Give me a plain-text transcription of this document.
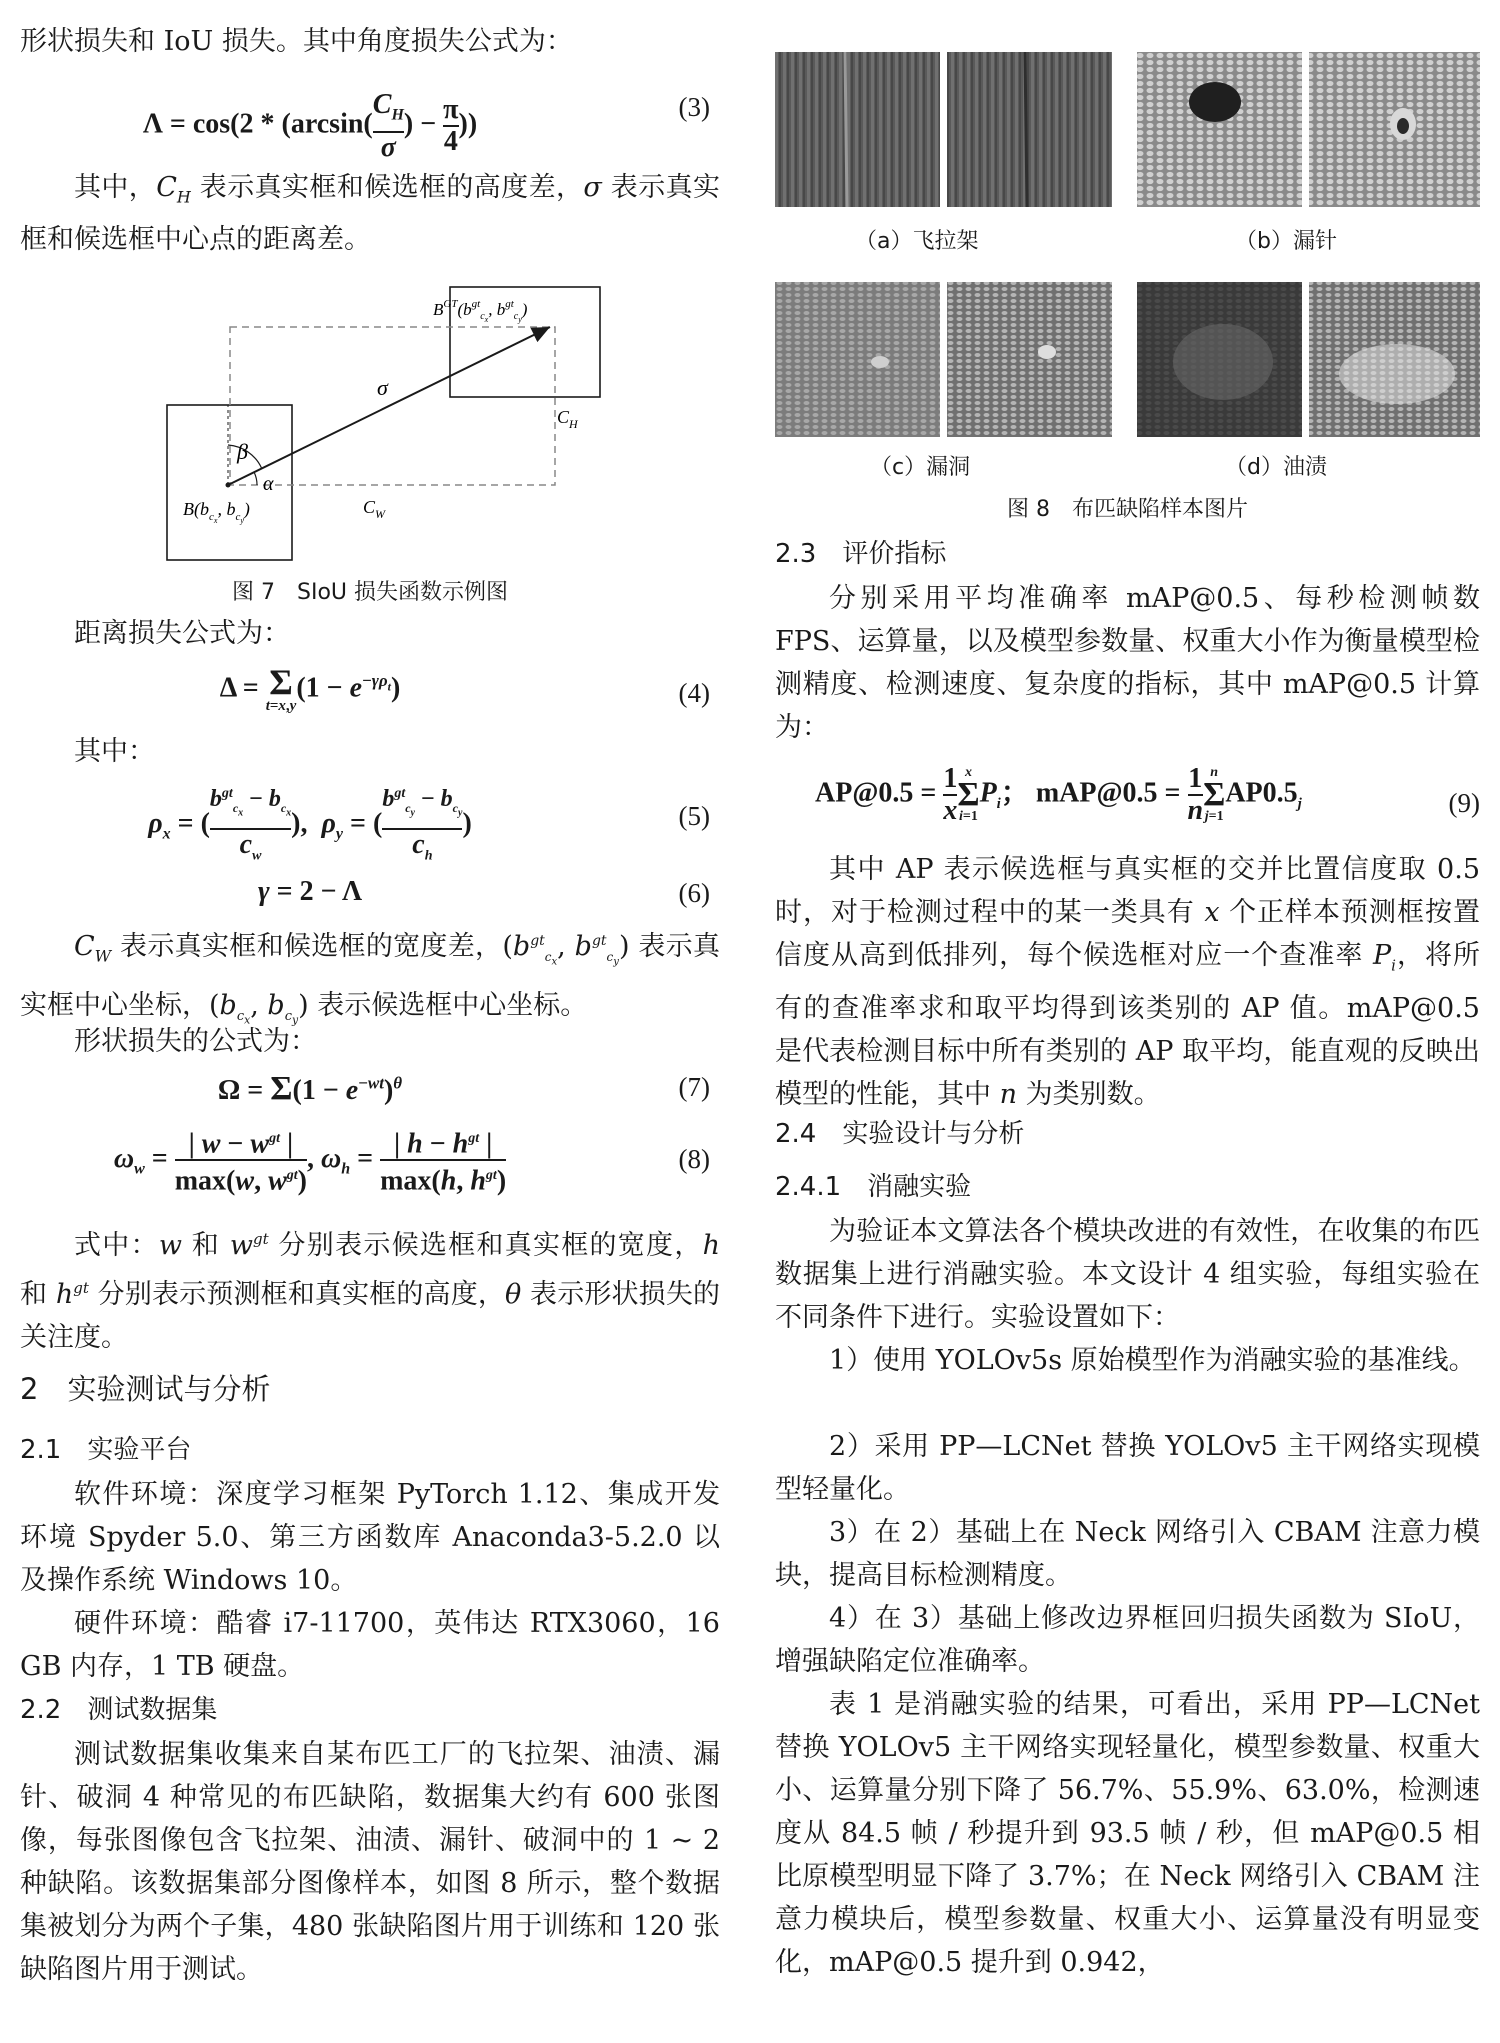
形状损失和 IoU 损失。其中角度损失公式为：

$\Lambda = \cos(2 * (\arcsin( \frac{C_H}{\sigma}$ ) − $\frac{\pi}{4}$ ))
(3)

其中，$C_H$ 表示真实框和候选框的高度差，σ 表示真实框和候选框中心点的距离差。

σ
β
α
$B^{GT}(b^{gt}_cx$, $b^{gt}_cy$)
$C_H$
$C_W$
$B(b_cx$, $b_cy$)
图 7　SIoU 损失函数示例图

距离损失公式为：

Δ = Σ
t=x,y
$(1 - e^{-\gamma\rho_t})$	(4)

其中：

$\rho_x$ = ( $\frac{b^{gt}_{c_x} - b_{c_x}}{c_w}$ ),  $\rho_y$ = ( $\frac{b^{gt}_{c_y} - b_{c_y}}{c_h}$ )	(5)
γ = 2 − Λ	(6)

$C_W$ 表示真实框和候选框的宽度差，($b^{gt}_{c_x}$, $b^{gt}_{c_y}$) 表示真实框中心坐标，($b_{c_x}$, $b_{c_y}$) 表示候选框中心坐标。

形状损失的公式为：

$\Omega = \Sigma(1 - e^{-wt})^\theta$	(7)
$\omega_w = \frac{| w - w^{gt} |}{\max(w, w^{gt})}$ , $\omega_h = \frac{| h - h^{gt} |}{\max(h, h^{gt})}$	(8)

式中：w 和 $w^{gt}$ 分别表示候选框和真实框的宽度，h 和 $h^{gt}$ 分别表示预测框和真实框的高度，θ 表示形状损失的关注度。

2　实验测试与分析
2.1　实验平台

软件环境：深度学习框架 PyTorch 1.12、集成开发环境 Spyder 5.0、第三方函数库 Anaconda3-5.2.0 以及操作系统 Windows 10。

硬件环境：酷睿 i7-11700，英伟达 RTX3060，16 GB 内存，1 TB 硬盘。

2.2　测试数据集

测试数据集收集来自某布匹工厂的飞拉架、油渍、漏针、破洞 4 种常见的布匹缺陷，数据集大约有 600 张图像，每张图像包含飞拉架、油渍、漏针、破洞中的 1 ~ 2 种缺陷。该数据集部分图像样本，如图 8 所示，整个数据集被划分为两个子集，480 张缺陷图片用于训练和 120 张缺陷图片用于测试。

（a）飞拉架	（b）漏针
（c）漏洞	（d）油渍
图 8　布匹缺陷样本图片
2.3　评价指标

分别采用平均准确率 mAP@0.5、每秒检测帧数 FPS、运算量，以及模型参数量、权重大小作为衡量模型检测精度、检测速度、复杂度的指标，其中 mAP@0.5 计算为：

AP@0.5 = $\frac{1}{x}$ x
Σ
i=1
$P_i$； mAP@0.5 = $\frac{1}{n}$ n
Σ
j=1
$AP0.5_j$	(9)

其中 AP 表示候选框与真实框的交并比置信度取 0.5 时，对于检测过程中的某一类具有 x 个正样本预测框按置信度从高到低排列，每个候选框对应一个查准率 $P_i$，将所有的查准率求和取平均得到该类别的 AP 值。mAP@0.5 是代表检测目标中所有类别的 AP 取平均，能直观的反映出模型的性能，其中 n 为类别数。

2.4　实验设计与分析
2.4.1　消融实验

为验证本文算法各个模块改进的有效性，在收集的布匹数据集上进行消融实验。本文设计 4 组实验，每组实验在不同条件下进行。实验设置如下：

1）使用 YOLOv5s 原始模型作为消融实验的基准线。

2）采用 PP—LCNet 替换 YOLOv5 主干网络实现模型轻量化。

3）在 2）基础上在 Neck 网络引入 CBAM 注意力模块，提高目标检测精度。

4）在 3）基础上修改边界框回归损失函数为 SIoU，增强缺陷定位准确率。

表 1 是消融实验的结果，可看出，采用 PP—LCNet 替换 YOLOv5 主干网络实现轻量化，模型参数量、权重大小、运算量分别下降了 56.7%、55.9%、63.0%，检测速度从 84.5 帧 / 秒提升到 93.5 帧 / 秒，但 mAP@0.5 相比原模型明显下降了 3.7%；在 Neck 网络引入 CBAM 注意力模块后，模型参数量、权重大小、运算量没有明显变化，mAP@0.5 提升到 0.942，
